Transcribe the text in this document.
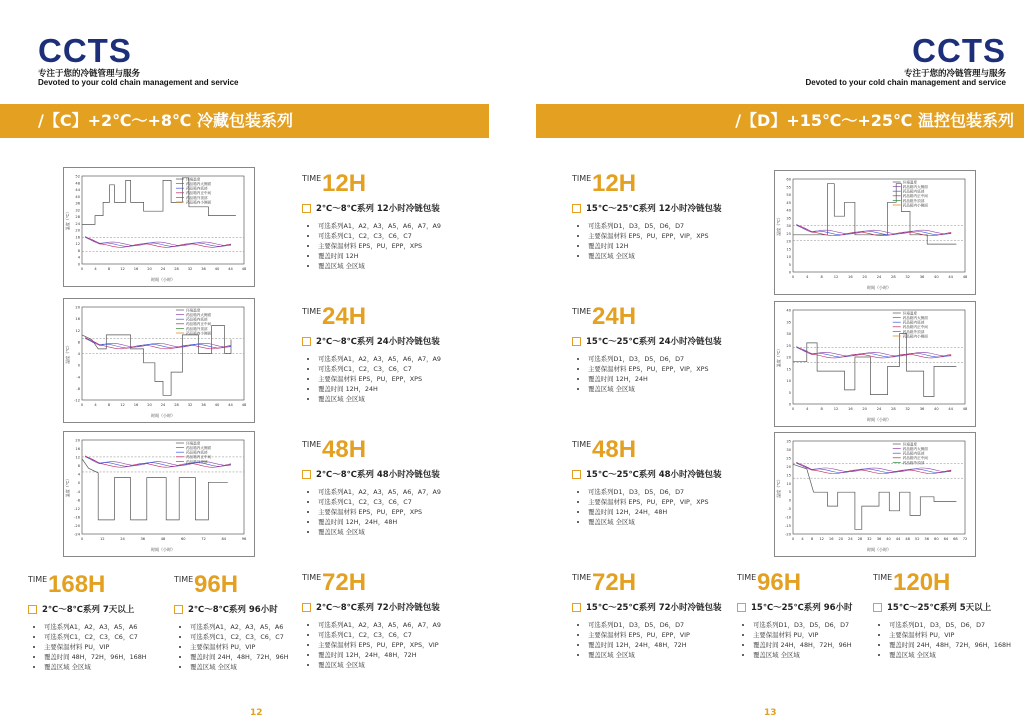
CCTS
专注于您的冷链管理与服务
Devoted to your cold chain management and service
/【C】+2℃～+8℃ 冷藏包装系列
52
48
44
40
36
32
28
24
20
16
12
8
4
0
0	4	8	12 16 20 24 28 32 36 40 44 48
时间（小时）
温度（℃）
环境温度
药品箱内大侧面
药品箱内底部
药品箱内正中间
药品箱外顶部
药品箱内小侧面
20
16
12
8
4
0
-4
-8
-12
0	4	8	12 16 20 24 28 32 36 40 44 48
时间（小时）
温度（℃）
环境温度
药品箱内大侧面
药品箱内底部
药品箱内正中间
药品箱外顶部
药品箱内小侧面
20
16
12
8
4
0
-4
-8
-12
-16
-20
-24
0	12	24	36	48	60	72	84	96
时间（小时）
温度（℃）
环境温度
药品箱内大侧面
药品箱内底部
药品箱内正中间
药品箱外顶部
TIME 12H
2℃～8℃系列 12小时冷链包装
• 可选系列A1，A2，A3，A5，A6，A7，A9
• 可选系列C1，C2，C3，C6，C7
• 主要保温材料 EPS，PU，EPP，XPS
• 覆盖时间 12H
• 覆盖区域 全区域
TIME 24H
2℃～8℃系列 24小时冷链包装
• 可选系列A1，A2，A3，A5，A6，A7，A9
• 可选系列C1，C2，C3，C6，C7
• 主要保温材料 EPS，PU，EPP，XPS
• 覆盖时间 12H，24H
• 覆盖区域 全区域
TIME 48H
2℃～8℃系列 48小时冷链包装
• 可选系列A1，A2，A3，A5，A6，A7，A9
• 可选系列C1，C2，C3，C6，C7
• 主要保温材料 EPS，PU，EPP，XPS
• 覆盖时间 12H，24H，48H
• 覆盖区域 全区域
TIME 168H
2℃～8℃系列 7天以上
• 可选系列A1，A2，A3，A5，A6
• 可选系列C1，C2，C3，C6，C7
• 主要保温材料 PU，VIP
• 覆盖时间 48H，72H，96H，168H
• 覆盖区域 全区域
TIME 96H
2℃～8℃系列 96小时
• 可选系列A1，A2，A3，A5，A6
• 可选系列C1，C2，C3，C6，C7
• 主要保温材料 PU，VIP
• 覆盖时间 24H，48H，72H，96H
• 覆盖区域 全区域
TIME 72H
2℃～8℃系列 72小时冷链包装
• 可选系列A1，A2，A3，A5，A6，A7，A9
• 可选系列C1，C2，C3，C6，C7
• 主要保温材料 EPS，PU，EPP，XPS，VIP
• 覆盖时间 12H，24H，48H，72H
• 覆盖区域 全区域
12
CCTS
专注于您的冷链管理与服务
Devoted to your cold chain management and service
/【D】+15℃～+25℃ 温控包装系列
TIME 12H
15℃～25℃系列 12小时冷链包装
• 可选系列D1，D3，D5，D6，D7
• 主要保温材料 EPS，PU，EPP，VIP，XPS
• 覆盖时间 12H
• 覆盖区域 全区域
TIME 24H
15℃～25℃系列 24小时冷链包装
• 可选系列D1，D3，D5，D6，D7
• 主要保温材料 EPS，PU，EPP，VIP，XPS
• 覆盖时间 12H，24H
• 覆盖区域 全区域
TIME 48H
15℃～25℃系列 48小时冷链包装
• 可选系列D1，D3，D5，D6，D7
• 主要保温材料 EPS，PU，EPP，VIP，XPS
• 覆盖时间 12H，24H，48H
• 覆盖区域 全区域
TIME 72H
15℃～25℃系列 72小时冷链包装
• 可选系列D1，D3，D5，D6，D7
• 主要保温材料 EPS，PU，EPP，VIP
• 覆盖时间 12H，24H，48H，72H
• 覆盖区域 全区域
TIME 96H
15℃～25℃系列 96小时
• 可选系列D1，D3，D5，D6，D7
• 主要保温材料 PU，VIP
• 覆盖时间 24H，48H，72H，96H
• 覆盖区域 全区域
TIME 120H
15℃～25℃系列 5天以上
• 可选系列D1，D3，D5，D6，D7
• 主要保温材料 PU，VIP
• 覆盖时间 24H，48H，72H，96H，168H
• 覆盖区域 全区域
60
55
50
45
40
35
30
25
20
15
10
5
0
0	4	8	12	16	20	24	28	32	36	40	44	48
时间（小时）
温度（℃）
环境温度
药品箱内大侧面
药品箱内底部
药品箱内正中间
药品箱外顶部
药品箱内小侧面
40
35
30
25
20
15
10
5
0
0	4	8	12	16	20	24	28	32	36	40	44	48
时间（小时）
温度（℃）
环境温度
药品箱内大侧面
药品箱内底部
药品箱内正中间
药品箱外顶部
药品箱内小侧面
35
30
25
20
15
10
5
0
-5
-10
-15
-20
0 4 8 12 16 20 24 28 32 36 40 44 48 52 56 60 64 68 72
时间（小时）
温度（℃）
环境温度
药品箱内大侧面
药品箱内底部
药品箱内正中间
药品箱外顶部
13
